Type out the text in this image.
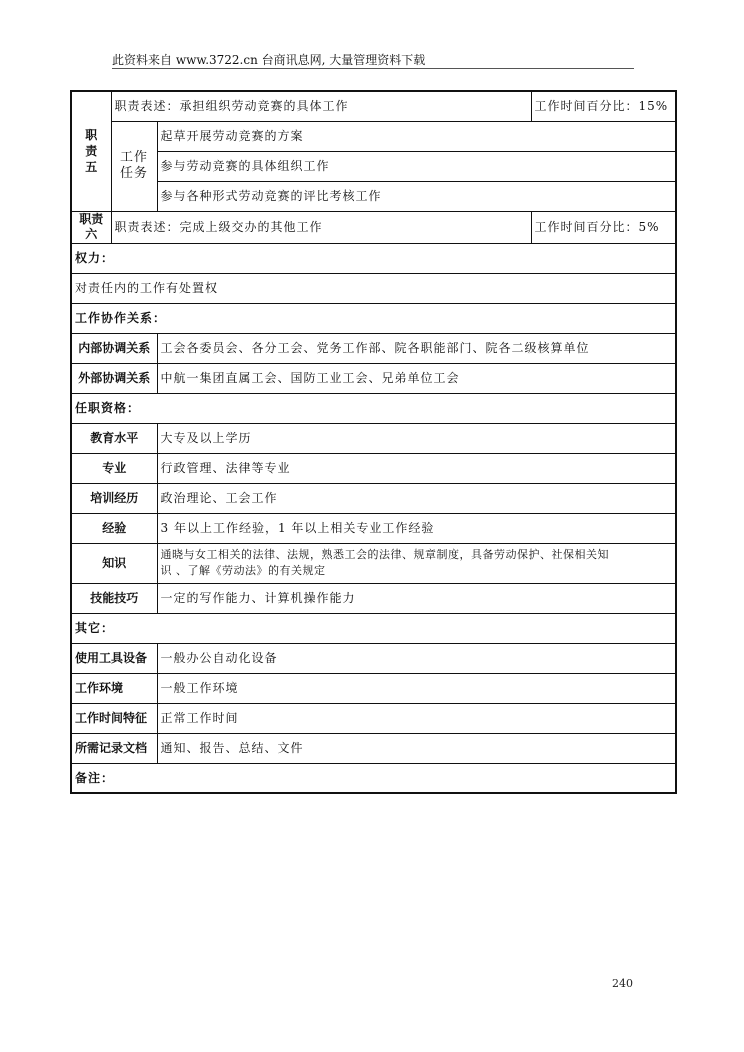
此资料来自 www.3722.cn 台商讯息网, 大量管理资料下载
职
责
五	职责表述：承担组织劳动竞赛的具体工作		工作时间百分比：15%

	工作
任务	起草开展劳动竞赛的方案	
		参与劳动竞赛的具体组织工作	
		参与各种形式劳动竞赛的评比考核工作	

职责
六	职责表述：完成上级交办的其他工作		工作时间百分比：5%
权力：			
对责任内的工作有处置权			
工作协作关系：			
内部协调关系		工会各委员会、各分工会、党务工作部、院各职能部门、院各二级核算单位	
外部协调关系		中航一集团直属工会、国防工业工会、兄弟单位工会	
任职资格：			
教育水平		大专及以上学历	
专业		行政管理、法律等专业	
培训经历		政治理论、工会工作	
经验		3 年以上工作经验，1 年以上相关专业工作经验	
知识		通晓与女工相关的法律、法规，熟悉工会的法律、规章制度，具备劳动保护、社保相关知
识 、了解《劳动法》的有关规定	

技能技巧		一定的写作能力、计算机操作能力	
其它：			
使用工具设备		一般办公自动化设备	
工作环境		一般工作环境	
工作时间特征		正常工作时间	
所需记录文档		通知、报告、总结、文件	
备注：			
240
